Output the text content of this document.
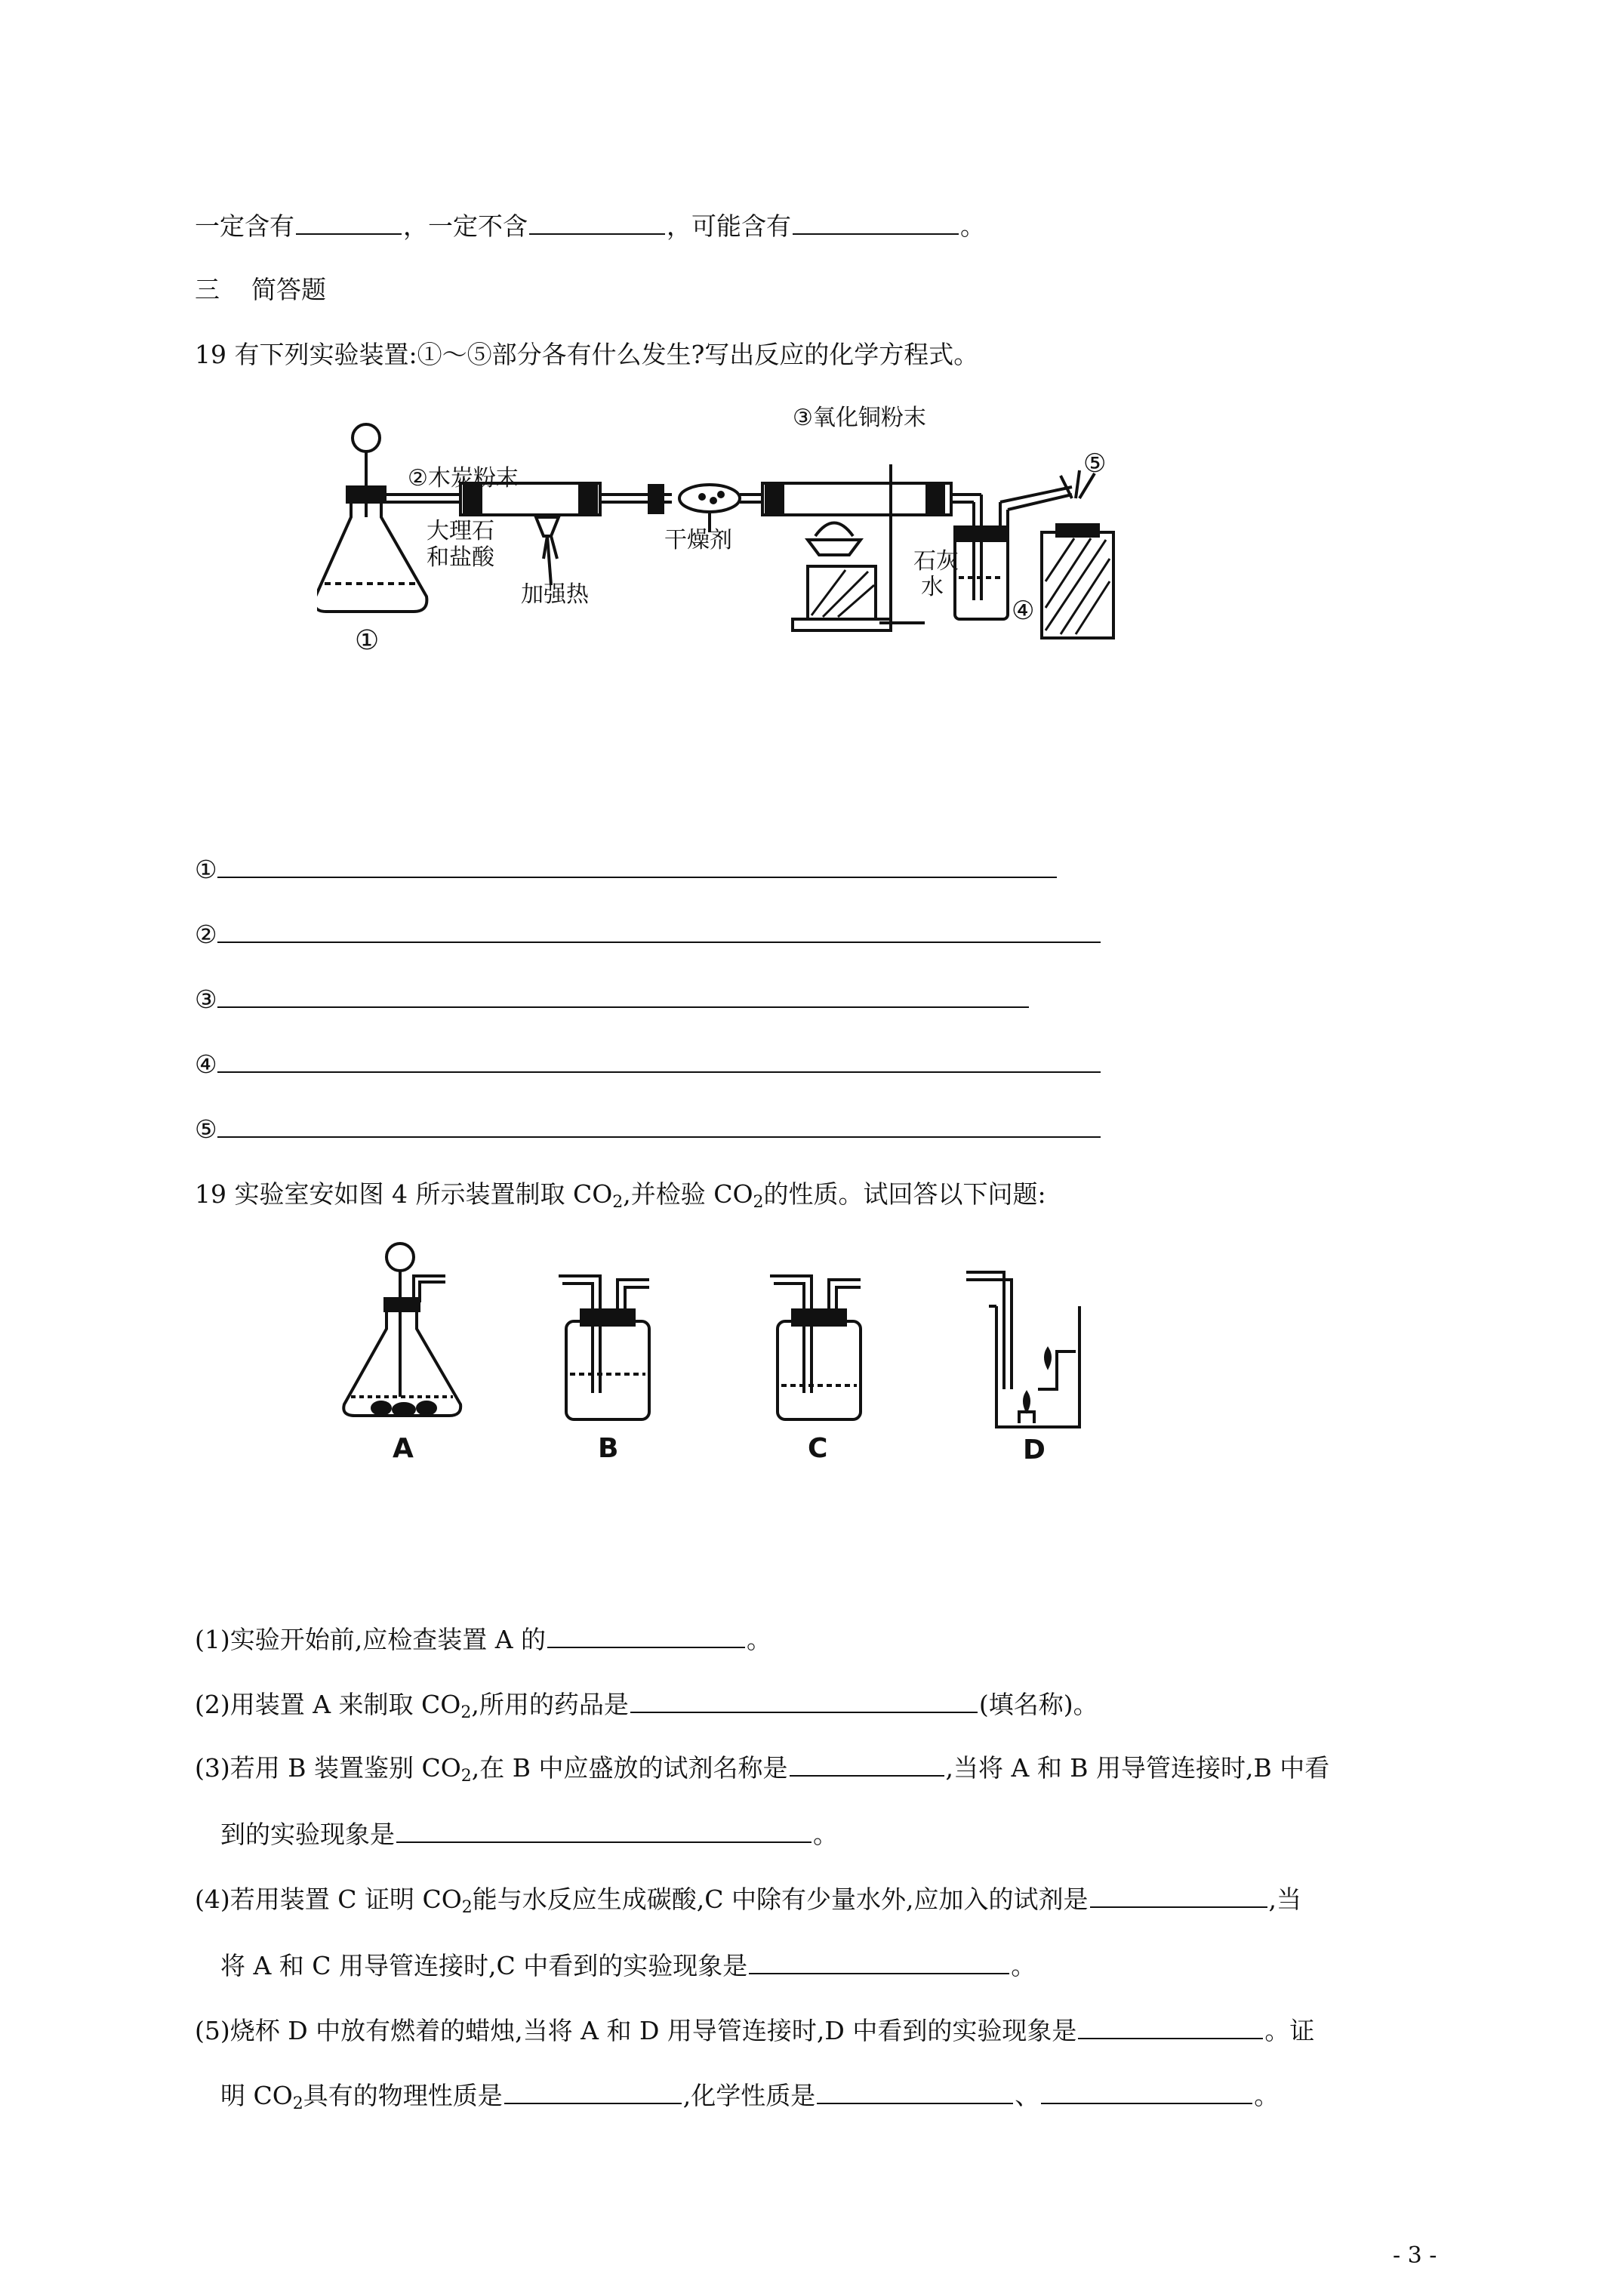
一定含有	，一定不含	，可能含有	。
三    简答题
19 有下列实验装置:①～⑤部分各有什么发生?写出反应的化学方程式。
②木炭粉末
大理石
和盐酸
加强热
干燥剂
③氧化铜粉末
石灰
水
④
⑤
①
①
②
③
④
⑤
19 实验室安如图 4 所示装置制取 $CO_2$,并检验 $CO_2$的性质。试回答以下问题:
A	B	C	D
(1)实验开始前,应检查装置 A 的	。
(2)用装置 A 来制取 $CO_2$,所用的药品是	(填名称)。
(3)若用 B 装置鉴别 $CO_2$,在 B 中应盛放的试剂名称是	,当将 A 和 B 用导管连接时,B 中看
到的实验现象是	。
(4)若用装置 C 证明 $CO_2$能与水反应生成碳酸,C 中除有少量水外,应加入的试剂是	,当
将 A 和 C 用导管连接时,C 中看到的实验现象是	。
(5)烧杯 D 中放有燃着的蜡烛,当将 A 和 D 用导管连接时,D 中看到的实验现象是	。证
明 $CO_2$具有的物理性质是	,化学性质是	、	。
- 3 -
